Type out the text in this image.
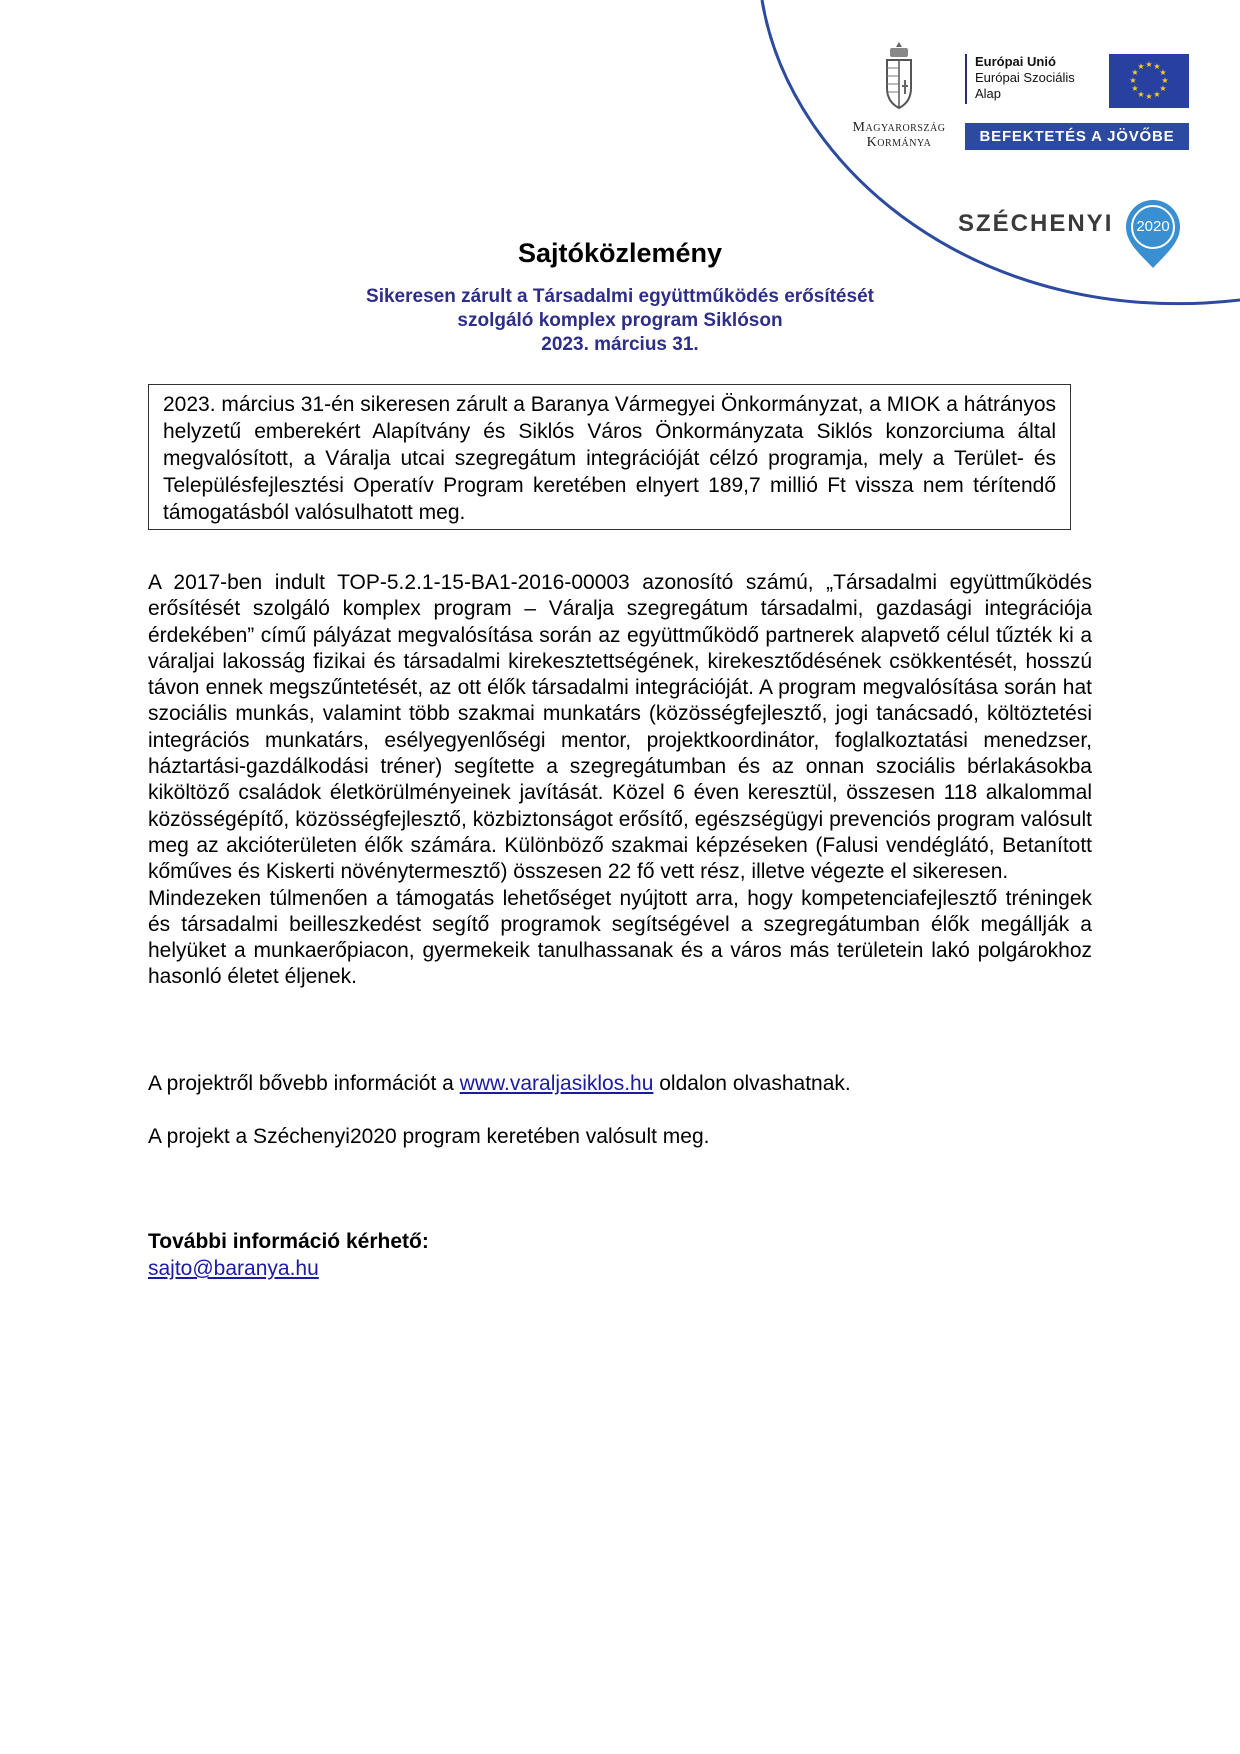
Magyarország
Kormánya
Európai Unió
Európai Szociális
Alap
★ ★
★
★
★
★
★
★
★
★
★
★
BEFEKTETÉS A JÖVŐBE
SZÉCHENYI	2020
Sajtóközlemény
Sikeresen zárult a Társadalmi együttműködés erősítését
szolgáló komplex program Siklóson
2023. március 31.
2023. március 31-én sikeresen zárult a Baranya Vármegyei Önkormányzat, a MIOK a hátrányos helyzetű emberekért Alapítvány és Siklós Város Önkormányzata Siklós konzorciuma által megvalósított, a Váralja utcai szegregátum integrációját célzó programja, mely a Terület- és Településfejlesztési Operatív Program keretében elnyert 189,7 millió Ft vissza nem térítendő támogatásból valósulhatott meg.

A 2017-ben indult TOP-5.2.1-15-BA1-2016-00003 azonosító számú, „Társadalmi együttműködés erősítését szolgáló komplex program – Váralja szegregátum társadalmi, gazdasági integrációja érdekében” című pályázat megvalósítása során az együttműködő partnerek alapvető célul tűzték ki a váraljai lakosság fizikai és társadalmi kirekesztettségének, kirekesztődésének csökkentését, hosszú távon ennek megszűntetését, az ott élők társadalmi integrációját. A program megvalósítása során hat szociális munkás, valamint több szakmai munkatárs (közösségfejlesztő, jogi tanácsadó, költöztetési integrációs munkatárs, esélyegyenlőségi mentor, projektkoordinátor, foglalkoztatási menedzser, háztartási-gazdálkodási tréner) segítette a szegregátumban és az onnan szociális bérlakásokba kiköltöző családok életkörülményeinek javítását. Közel 6 éven keresztül, összesen 118 alkalommal közösségépítő, közösségfejlesztő, közbiztonságot erősítő, egészségügyi prevenciós program valósult meg az akcióterületen élők számára. Különböző szakmai képzéseken (Falusi vendéglátó, Betanított kőműves és Kiskerti növénytermesztő) összesen 22 fő vett rész, illetve végezte el sikeresen.

Mindezeken túlmenően a támogatás lehetőséget nyújtott arra, hogy kompetenciafejlesztő tréningek és társadalmi beilleszkedést segítő programok segítségével a szegregátumban élők megállják a helyüket a munkaerőpiacon, gyermekeik tanulhassanak és a város más területein lakó polgárokhoz hasonló életet éljenek.

A projektről bővebb információt a www.varaljasiklos.hu oldalon olvashatnak.
A projekt a Széchenyi2020 program keretében valósult meg.
További információ kérhető:
sajto@baranya.hu
